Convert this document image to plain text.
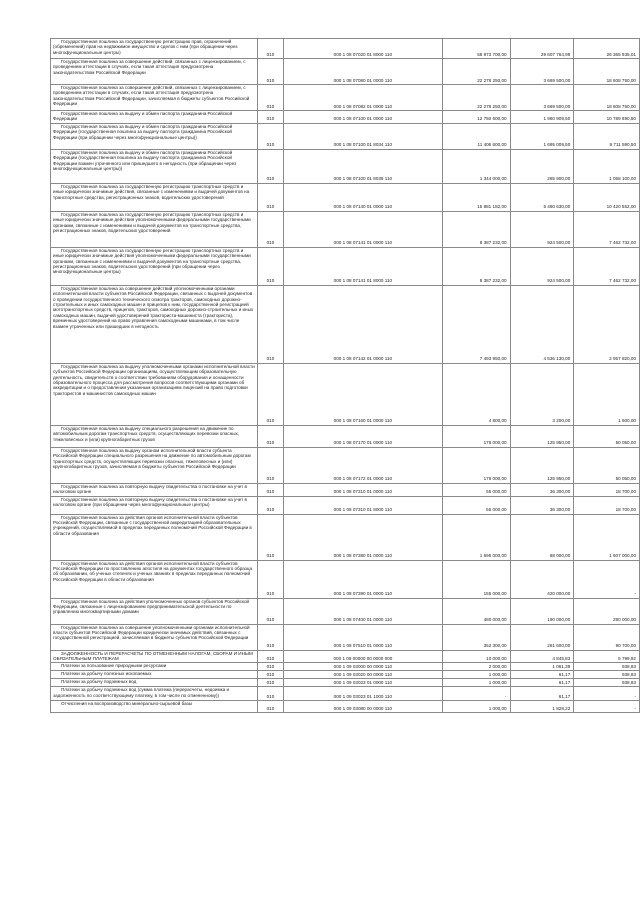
Государственная пошлина за государственную регистрацию прав, ограничений (обременений) прав на недвижимое имущество и сделок с ним (при обращении через многофункциональные центры)	010	000 1 08 07020 01 8000 110	56 973 700,00	29 607 764,99	26 365 935,01

Государственная пошлина за совершение действий, связанных с лицензированием, с проведением аттестации в случаях, если такая аттестация предусмотрена законодательством Российской Федерации	010	000 1 08 07080 01 0000 110	22 278 250,00	3 669 500,00	18 608 750,00

Государственная пошлина за совершение действий, связанных с лицензированием, с проведением аттестации в случаях, если такая аттестация предусмотрена законодательством Российской Федерации, зачисляемая в бюджеты субъектов Российской Федерации	010	000 1 08 07082 01 0000 110	22 278 250,00	3 669 500,00	18 608 750,00

Государственная пошлина за выдачу и обмен паспорта гражданина Российской Федерации	010	000 1 08 07100 01 0000 110	12 750 600,00	1 960 909,50	10 789 690,50

Государственная пошлина за выдачу и обмен паспорта гражданина Российской Федерации (государственная пошлина за выдачу паспорта гражданина Российской Федерации (при обращении через многофункциональные центры))	010	000 1 08 07100 01 8034 110	11 406 600,00	1 695 009,50	9 711 590,50

Государственная пошлина за выдачу и обмен паспорта гражданина Российской Федерации (государственная пошлина за выдачу паспорта гражданина Российской Федерации взамен утраченного или пришедшего в негодность (при обращении через многофункциональные центры))	010	000 1 08 07100 01 8035 110	1 344 000,00	265 900,00	1 058 100,00

Государственная пошлина за государственную регистрацию транспортных средств и иные юридически значимые действия, связанные с изменениями и выдачей документов на транспортные средства, регистрационных знаков, водительских удостоверений	010	000 1 08 07140 01 0000 110	15 881 182,00	5 460 630,00	10 420 552,00

Государственная пошлина за государственную регистрацию транспортных средств и иные юридически значимые действия уполномоченными федеральными государственными органами, связанные с изменениями и выдачей документов на транспортные средства, регистрационных знаков, водительских удостоверений	010	000 1 08 07141 01 0000 110	8 387 232,00	924 500,00	7 462 732,00

Государственная пошлина за государственную регистрацию транспортных средств и иные юридически значимые действия уполномоченными федеральными государственными органами, связанные с изменениями и выдачей документов на транспортные средства, регистрационных знаков, водительских удостоверений (при обращении через многофункциональные центры)	010	000 1 08 07141 01 8000 110	8 387 232,00	924 500,00	7 462 732,00

Государственная пошлина за совершение действий уполномоченными органами исполнительной власти субъектов Российской Федерации, связанных с выдачей документов о проведении государственного технического осмотра тракторов, самоходных дорожно-строительных и иных самоходных машин и прицепов к ним, государственной регистрацией мототранспортных средств, прицепов, тракторов, самоходных дорожно-строительных и иных самоходных машин, выдачей удостоверений тракториста-машиниста (тракториста), временных удостоверений на право управления самоходными машинами, в том числе взамен утраченных или пришедших в негодность	010	000 1 08 07142 01 0000 110	7 493 950,00	4 536 130,00	2 957 820,00

Государственная пошлина за выдачу уполномоченными органами исполнительной власти субъектов Российской Федерации организациям, осуществляющим образовательную деятельность, свидетельств о соответствии требованиям оборудования и оснащенности образовательного процесса для рассмотрения вопросов соответствующими органами об аккредитации и о предоставлении указанным организациям лицензий на право подготовки трактористов и машинистов самоходных машин	010	000 1 08 07160 01 0000 110	4 800,00	3 200,00	1 600,00

Государственная пошлина за выдачу специального разрешения на движение по автомобильным дорогам транспортных средств, осуществляющих перевозки опасных, тяжеловесных и (или) крупногабаритных грузов	010	000 1 08 07170 01 0000 110	176 000,00	125 950,00	50 050,00

Государственная пошлина за выдачу органом исполнительной власти субъекта Российской Федерации специального разрешения на движение по автомобильным дорогам транспортных средств, осуществляющих перевозки опасных, тяжеловесных и (или) крупногабаритных грузов, зачисляемая в бюджеты субъектов Российской Федерации	010	000 1 08 07172 01 0000 110	176 000,00	125 950,00	50 050,00

Государственная пошлина за повторную выдачу свидетельства о постановке на учет в налоговом органе	010	000 1 08 07310 01 0000 110	55 000,00	36 300,00	18 700,00

Государственная пошлина за повторную выдачу свидетельства о постановке на учет в налоговом органе (при обращении через многофункциональные центры)	010	000 1 08 07310 01 8000 110	55 000,00	36 300,00	18 700,00

Государственная пошлина за действия органов исполнительной власти субъектов Российской Федерации, связанные с государственной аккредитацией образовательных учреждений, осуществляемой в пределах переданных полномочий Российской Федерации в области образования	010	000 1 08 07380 01 0000 110	1 695 000,00	88 000,00	1 607 000,00

Государственная пошлина за действия органов исполнительной власти субъектов Российской Федерации по проставлению апостиля на документах государственного образца об образовании, об ученых степенях и ученых званиях в пределах переданных полномочий Российской Федерации в области образования	010	000 1 08 07390 01 0000 110	155 000,00	420 000,00	-

Государственная пошлина за действия уполномоченных органов субъектов Российской Федерации, связанные с лицензированием предпринимательской деятельности по управлению многоквартирными домами	010	000 1 08 07400 01 0000 110	480 000,00	190 000,00	290 000,00

Государственная пошлина за совершение уполномоченными органами исполнительной власти субъектов Российской Федерации юридически значимых действий, связанных с государственной регистрацией, зачисляемая в бюджеты субъектов Российской Федерации	010	000 1 08 07510 01 0000 110	352 300,00	261 600,00	90 700,00

ЗАДОЛЖЕННОСТЬ И ПЕРЕРАСЧЕТЫ ПО ОТМЕНЕННЫМ НАЛОГАМ, СБОРАМ И ИНЫМ ОБЯЗАТЕЛЬНЫМ ПЛАТЕЖАМ	010	000 1 09 00000 00 0000 000	10 000,00	4 845,83	5 799,92

Платежи за пользование природными ресурсами	010	000 1 09 03000 00 0000 110	2 000,00	1 061,39	938,83

Платежи за добычу полезных ископаемых	010	000 1 09 03020 00 0000 110	1 000,00	61,17	938,83

Платежи за добычу подземных вод	010	000 1 09 03023 01 0000 110	1 000,00	61,17	938,83

Платежи за добычу подземных вод (сумма платежа (перерасчеты, недоимка и задолженность по соответствующему платежу, в том числе по отмененному))	010	000 1 09 03023 01 1000 110	-	61,17	-

Отчисления на воспроизводство минерально-сырьевой базы	010	000 1 09 03080 00 0000 110	1 000,00	1 828,22	-
